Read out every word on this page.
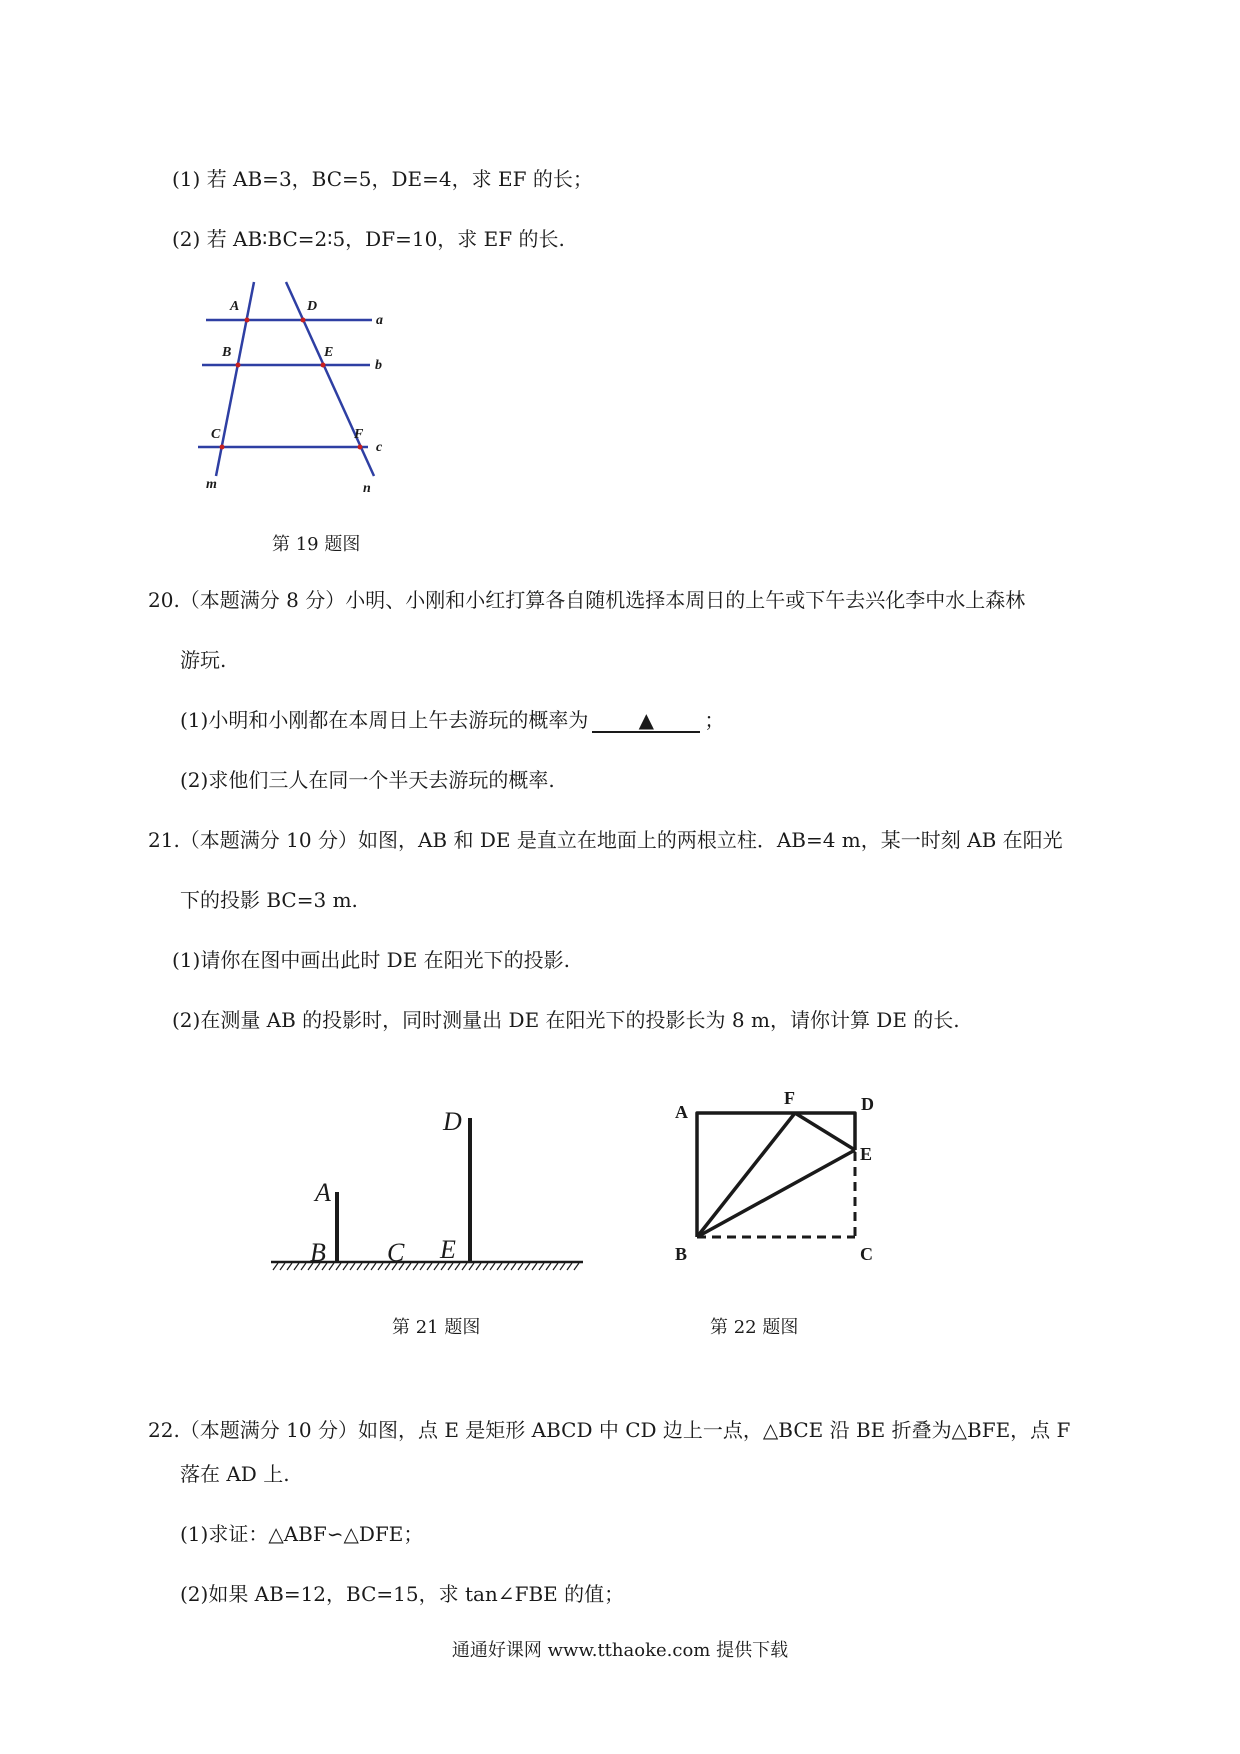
(1) 若 AB=3，BC=5，DE=4，求 EF 的长；
(2) 若 AB∶BC=2∶5，DF=10，求 EF 的长.
A	D
a
B	E
b
C	F
c
m	n
第 19 题图
20.（本题满分 8 分）小明、小刚和小红打算各自随机选择本周日的上午或下午去兴化李中水上森林
游玩.
(1)小明和小刚都在本周日上午去游玩的概率为	▲	；
(2)求他们三人在同一个半天去游玩的概率.
21.（本题满分 10 分）如图，AB 和 DE 是直立在地面上的两根立柱．AB=4 m，某一时刻 AB 在阳光
下的投影 BC=3 m.
(1)请你在图中画出此时 DE 在阳光下的投影.
(2)在测量 AB 的投影时，同时测量出 DE 在阳光下的投影长为 8 m，请你计算 DE 的长.
A
B C
D
E
第 21 题图
A
F	D
E
B	C
第 22 题图
22.（本题满分 10 分）如图，点 E 是矩形 ABCD 中 CD 边上一点，△BCE 沿 BE 折叠为△BFE，点 F
落在 AD 上.
(1)求证：△ABF∽△DFE；
(2)如果 AB=12，BC=15，求 tan∠FBE 的值；
通通好课网 www.tthaoke.com 提供下载
